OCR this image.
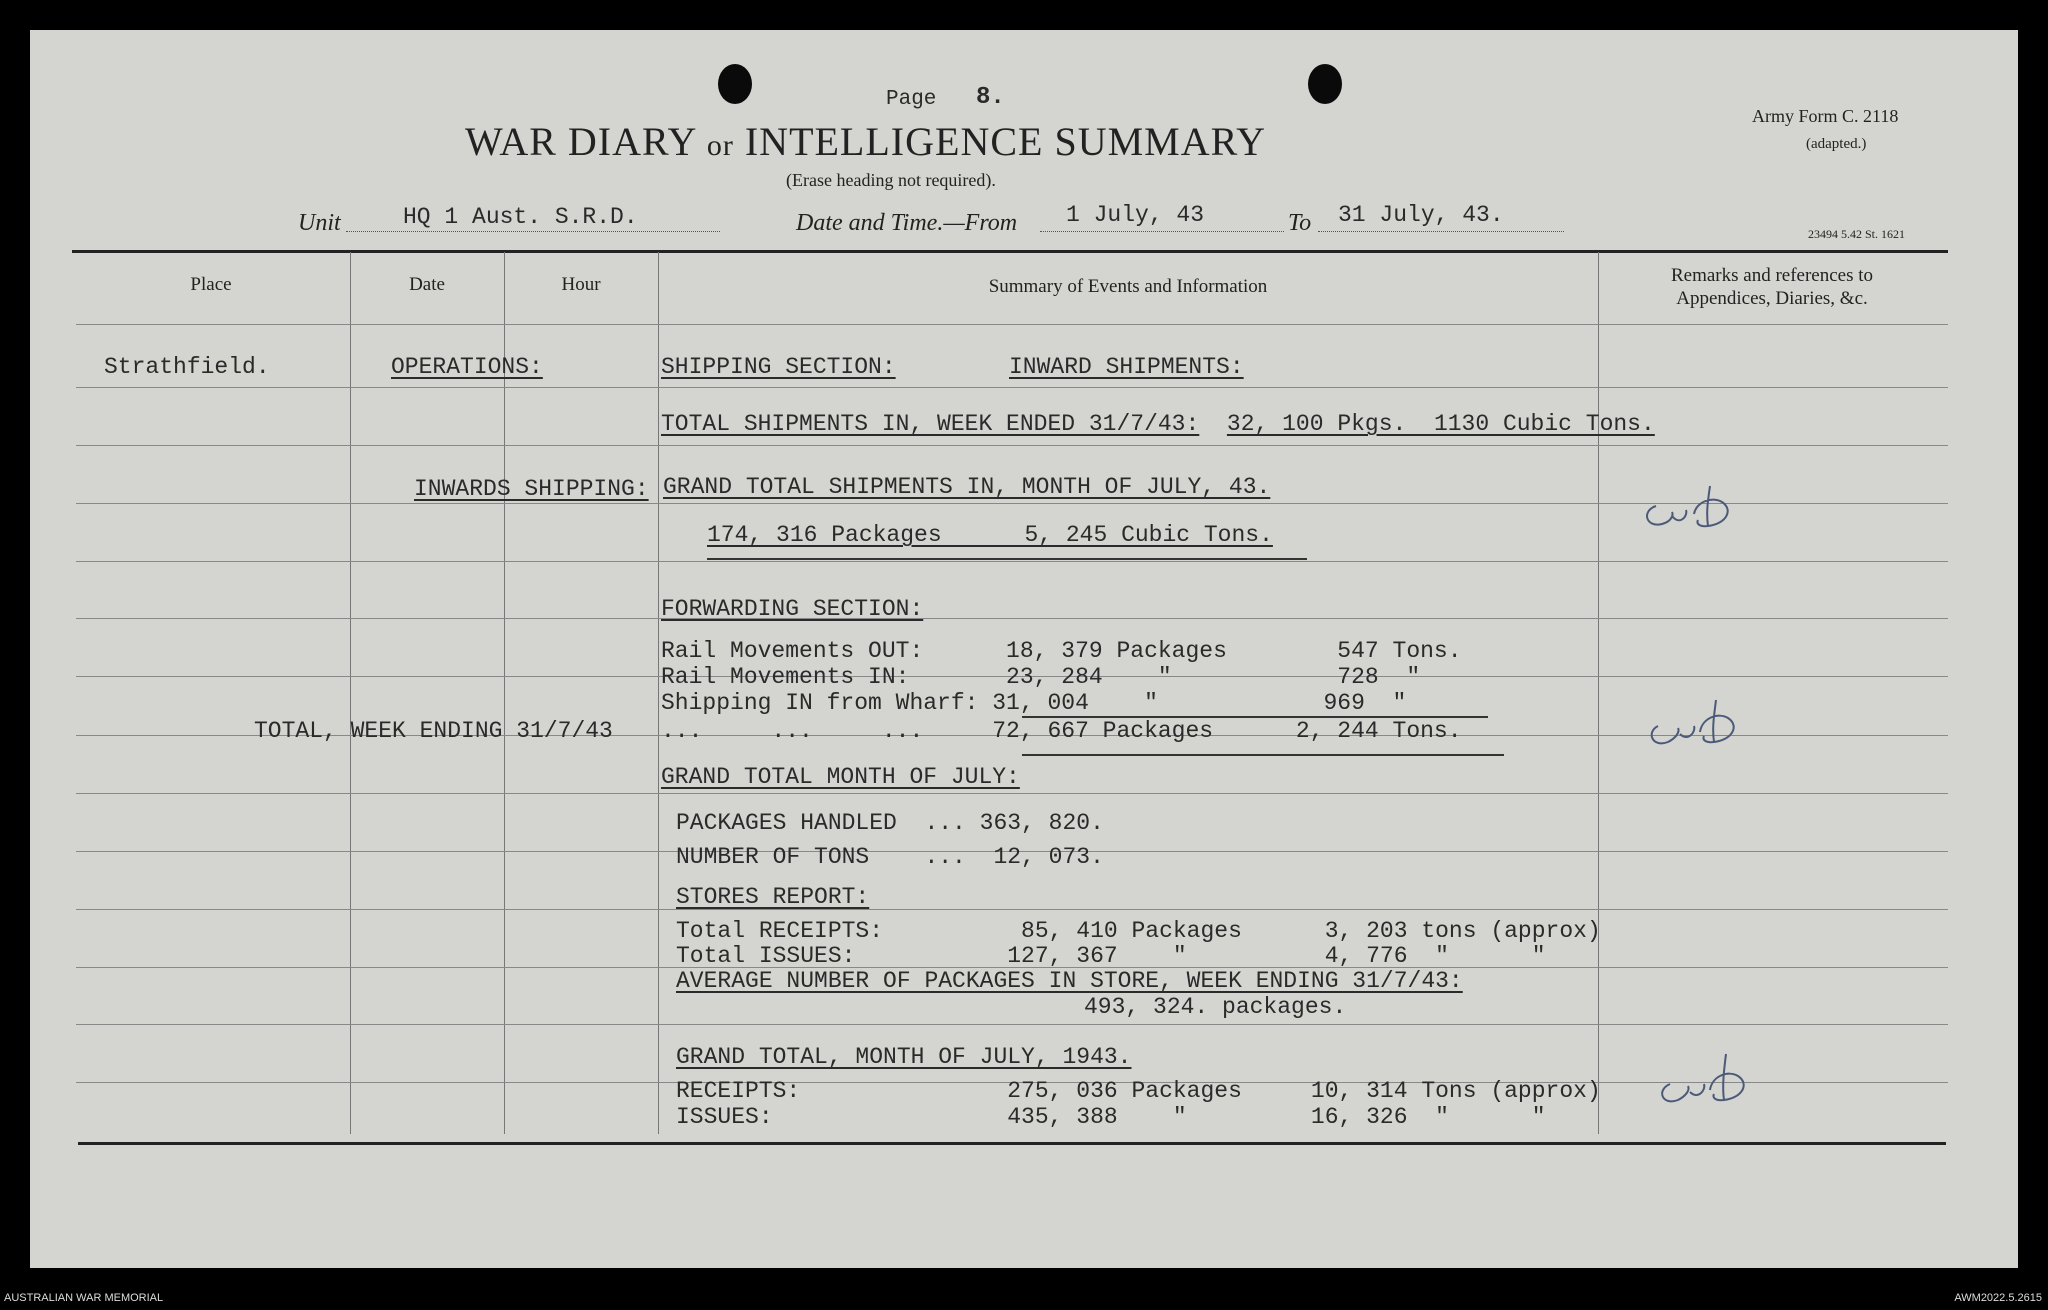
Page 8.
WAR DIARY or INTELLIGENCE SUMMARY
(Erase heading not required).
Army Form C. 2118
(adapted.)
23494 5.42 St. 1621
Unit	HQ 1 Aust. S.R.D.	Date and Time.—From 1 July, 43	To 31 July, 43.
Place	Date	Hour	Summary of Events and Information
Remarks and references to Appendices, Diaries, &c.
Strathfield.	OPERATIONS:	SHIPPING SECTION:	INWARD SHIPMENTS:
TOTAL SHIPMENTS IN, WEEK ENDED 31/7/43: 32, 100 Pkgs.  1130 Cubic Tons.
INWARDS SHIPPING: GRAND TOTAL SHIPMENTS IN, MONTH OF JULY, 43.
174, 316 Packages      5, 245 Cubic Tons.
FORWARDING SECTION:
Rail Movements OUT:      18, 379 Packages        547 Tons.
Rail Movements IN:       23, 284    "            728  "
Shipping IN from Wharf: 31, 004    "            969  "
TOTAL, WEEK ENDING 31/7/43 ...     ...     ...     72, 667 Packages      2, 244 Tons.
GRAND TOTAL MONTH OF JULY:
PACKAGES HANDLED  ... 363, 820.
NUMBER OF TONS    ...  12, 073.
STORES REPORT:
Total RECEIPTS:          85, 410 Packages      3, 203 tons (approx)
Total ISSUES:           127, 367    "          4, 776  "      "
AVERAGE NUMBER OF PACKAGES IN STORE, WEEK ENDING 31/7/43:
493, 324. packages.
GRAND TOTAL, MONTH OF JULY, 1943.
RECEIPTS:               275, 036 Packages     10, 314 Tons (approx)
ISSUES:                 435, 388    "         16, 326  "      "
AUSTRALIAN WAR MEMORIAL	AWM2022.5.2615
